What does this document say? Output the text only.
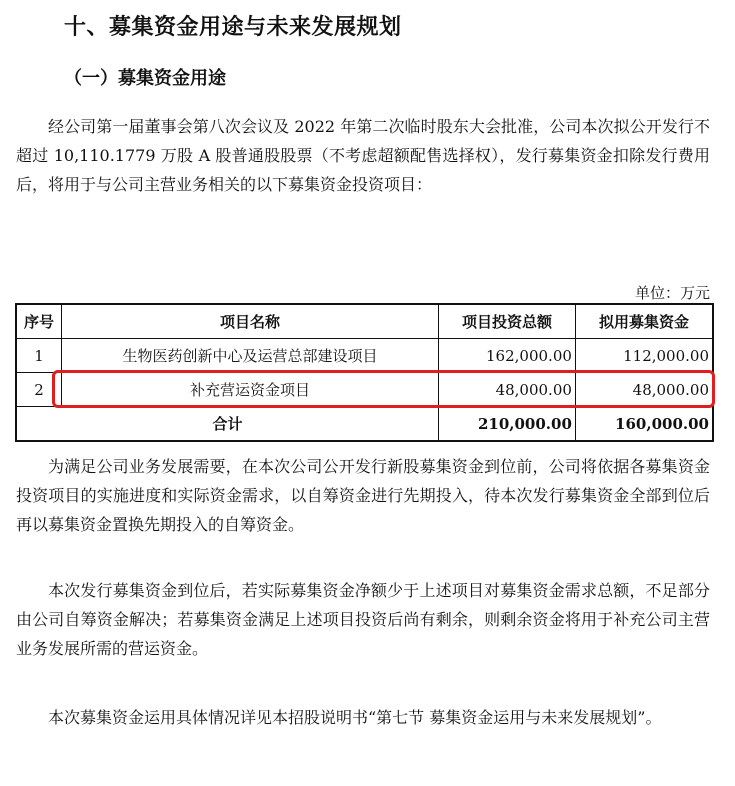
十、募集资金用途与未来发展规划
（一）募集资金用途

经公司第一届董事会第八次会议及 2022 年第二次临时股东大会批准，公司本次拟公开发行不超过 10,110.1779 万股 A 股普通股股票（不考虑超额配售选择权），发行募集资金扣除发行费用后，将用于与公司主营业务相关的以下募集资金投资项目：

单位：万元
序号	项目名称	项目投资总额	拟用募集资金
1	生物医药创新中心及运营总部建设项目	162,000.00	112,000.00
2	补充营运资金项目	48,000.00	48,000.00
合计		210,000.00	160,000.00

为满足公司业务发展需要，在本次公司公开发行新股募集资金到位前，公司将依据各募集资金投资项目的实施进度和实际资金需求，以自筹资金进行先期投入，待本次发行募集资金全部到位后再以募集资金置换先期投入的自筹资金。

本次发行募集资金到位后，若实际募集资金净额少于上述项目对募集资金需求总额，不足部分由公司自筹资金解决；若募集资金满足上述项目投资后尚有剩余，则剩余资金将用于补充公司主营业务发展所需的营运资金。

本次募集资金运用具体情况详见本招股说明书“第七节 募集资金运用与未来发展规划”。
